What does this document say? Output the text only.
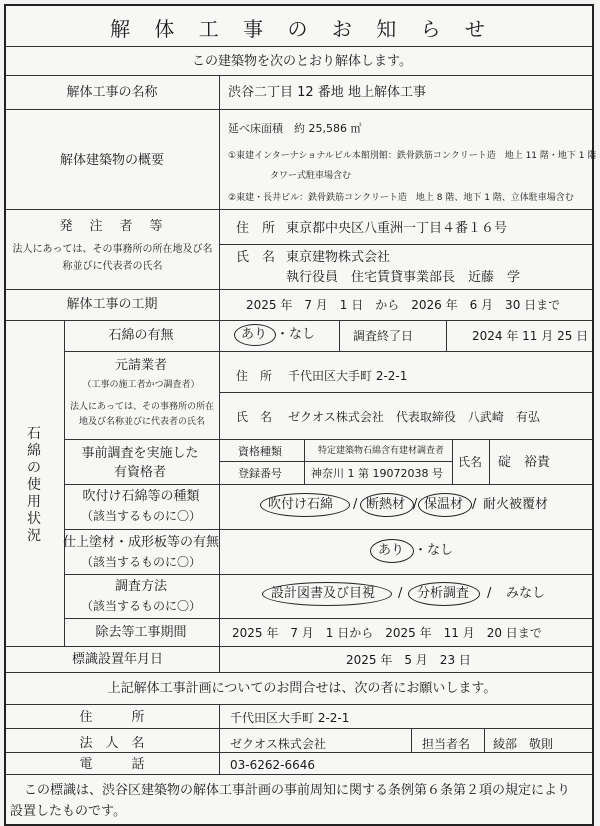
解 体 工 事 の お 知 ら せ
この建築物を次のとおり解体します。
解体工事の名称	渋谷二丁目 12 番地 地上解体工事
解体建築物の概要
延べ床面積　約 25,586 ㎡
①東建インターナショナルビル本館別館：鉄骨鉄筋コンクリート造　地上 11 階・地下 1 階
タワー式駐車場含む
②東建・長井ビル：鉄骨鉄筋コンクリート造　地上 8 階、地下 1 階、立体駐車場含む
発　注　者　等
法人にあっては、その事務所の所在地及び名称並びに代表者の氏名
住　所 東京都中央区八重洲一丁目４番１６号
氏　名 東京建物株式会社
執行役員　住宅賃貸事業部長　近藤　学
解体工事の工期	2025 年　7 月　1 日　から　2026 年　6 月　30 日まで
石綿の使用状況
石綿の有無	あり ・なし	調査終了日	2024 年 11 月 25 日
元請業者
（工事の施工者かつ調査者）
法人にあっては、その事務所の所在地及び名称並びに代表者の氏名
住　所 千代田区大手町 2-2-1
氏　名 ゼクオス株式会社　代表取締役　八武崎　有弘
事前調査を実施した有資格者
資格種類	特定建築物石綿含有建材調査者
登録番号	神奈川 1 第 19072038 号
氏名 碇　裕貴
吹付け石綿等の種類
（該当するものに〇）
吹付け石綿 / 断熱材 / 保温材 / 耐火被覆材
仕上塗材・成形板等の有無
（該当するものに〇）
あり ・なし
調査方法
（該当するものに〇）
設計図書及び目視 / 分析調査 / みなし
除去等工事期間	2025 年　7 月　1 日から　2025 年　11 月　20 日まで
標識設置年月日	2025 年　5 月　23 日
上記解体工事計画についてのお問合せは、次の者にお願いします。
住　　　所	千代田区大手町 2-2-1
法　人　名	ゼクオス株式会社	担当者名 綾部　敬則
電　　　話	03-6262-6646
この標識は、渋谷区建築物の解体工事計画の事前周知に関する条例第６条第２項の規定により
設置したものです。
